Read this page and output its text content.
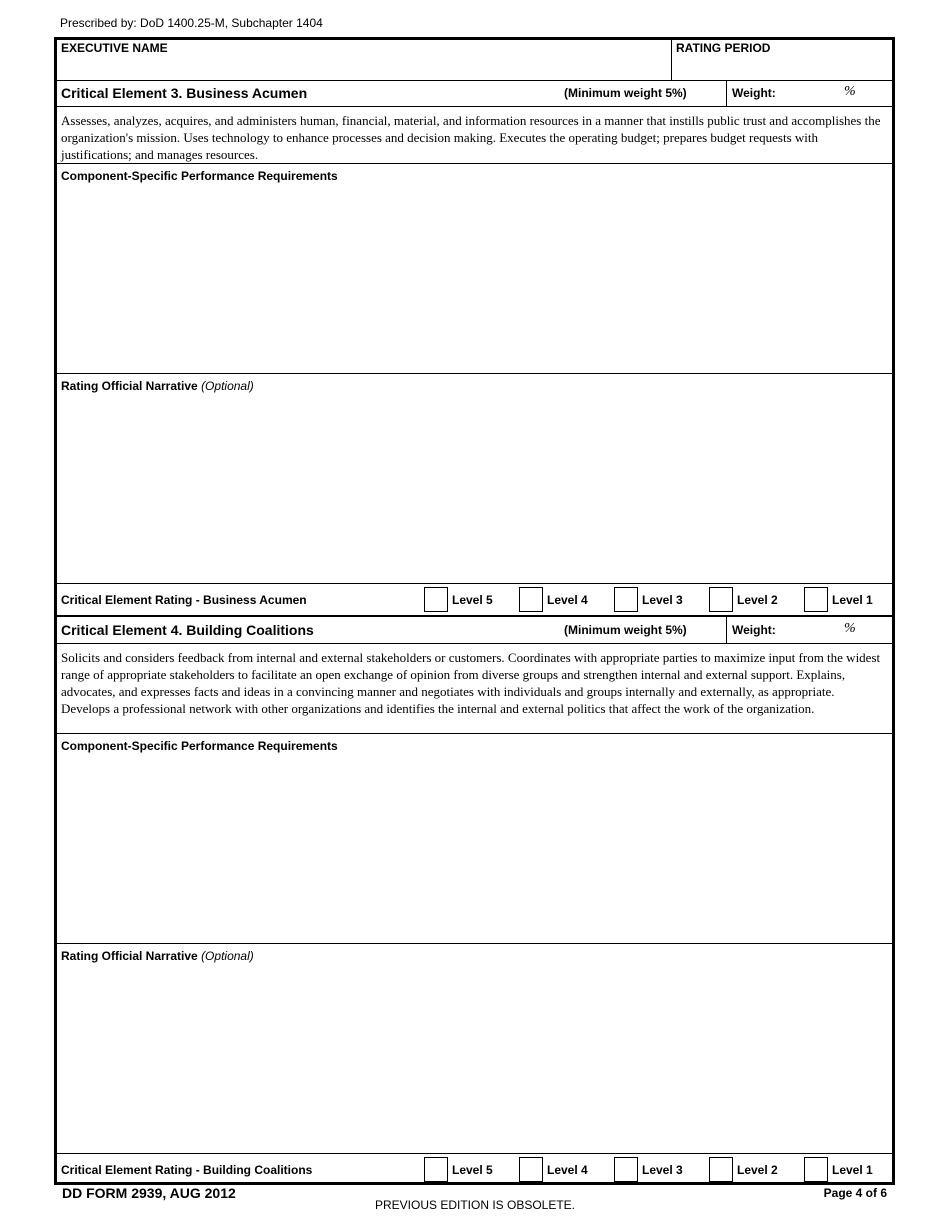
Prescribed by: DoD 1400.25-M, Subchapter 1404
EXECUTIVE NAME	RATING PERIOD
Critical Element 3. Business Acumen	(Minimum weight 5%)	Weight:	%
Assesses, analyzes, acquires, and administers human, financial, material, and information resources in a manner that instills public trust and accomplishes the organization's mission. Uses technology to enhance processes and decision making. Executes the operating budget; prepares budget requests with justifications; and manages resources.
Component-Specific Performance Requirements
Rating Official Narrative (Optional)
Critical Element Rating - Business Acumen	Level 5	Level 4	Level 3	Level 2	Level 1
Critical Element 4. Building Coalitions	(Minimum weight 5%)	Weight:	%
Solicits and considers feedback from internal and external stakeholders or customers. Coordinates with appropriate parties to maximize input from the widest range of appropriate stakeholders to facilitate an open exchange of opinion from diverse groups and strengthen internal and external support. Explains, advocates, and expresses facts and ideas in a convincing manner and negotiates with individuals and groups internally and externally, as appropriate. Develops a professional network with other organizations and identifies the internal and external politics that affect the work of the organization.
Component-Specific Performance Requirements
Rating Official Narrative (Optional)
Critical Element Rating - Building Coalitions	Level 5	Level 4	Level 3	Level 2	Level 1
DD FORM 2939, AUG 2012
PREVIOUS EDITION IS OBSOLETE.
Page 4 of 6
